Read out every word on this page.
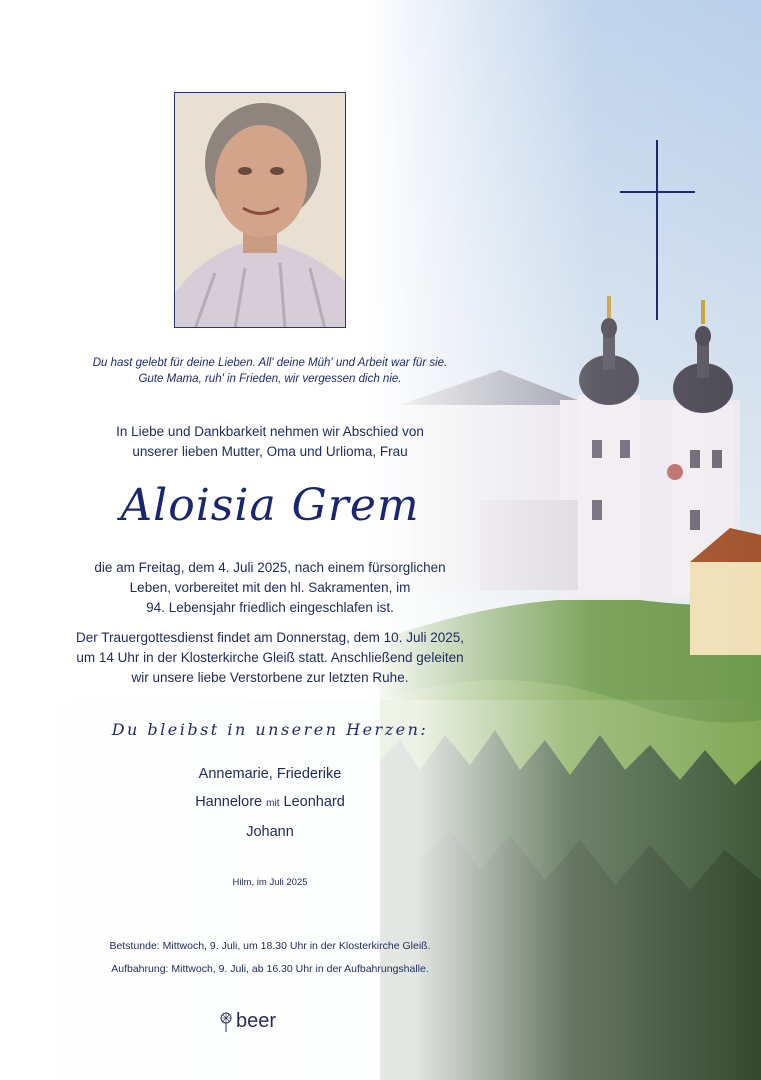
Du hast gelebt für deine Lieben. All' deine Müh' und Arbeit war für sie.

Gute Mama, ruh' in Frieden, wir vergessen dich nie.

In Liebe und Dankbarkeit nehmen wir Abschied von

unserer lieben Mutter, Oma und Urlioma, Frau

Aloisia Grem

die am Freitag, dem 4. Juli 2025, nach einem fürsorglichen

Leben, vorbereitet mit den hl. Sakramenten, im

94. Lebensjahr friedlich eingeschlafen ist.

Der Trauergottesdienst findet am Donnerstag, dem 10. Juli 2025,

um 14 Uhr in der Klosterkirche Gleiß statt. Anschließend geleiten

wir unsere liebe Verstorbene zur letzten Ruhe.

Du bleibst in unseren Herzen:

Annemarie, Friederike

Hannelore mit Leonhard

Johann

Hilm, im Juli 2025

Betstunde: Mittwoch, 9. Juli, um 18.30 Uhr in der Klosterkirche Gleiß.

Aufbahrung: Mittwoch, 9. Juli, ab 16.30 Uhr in der Aufbahrungshalle.

beer
